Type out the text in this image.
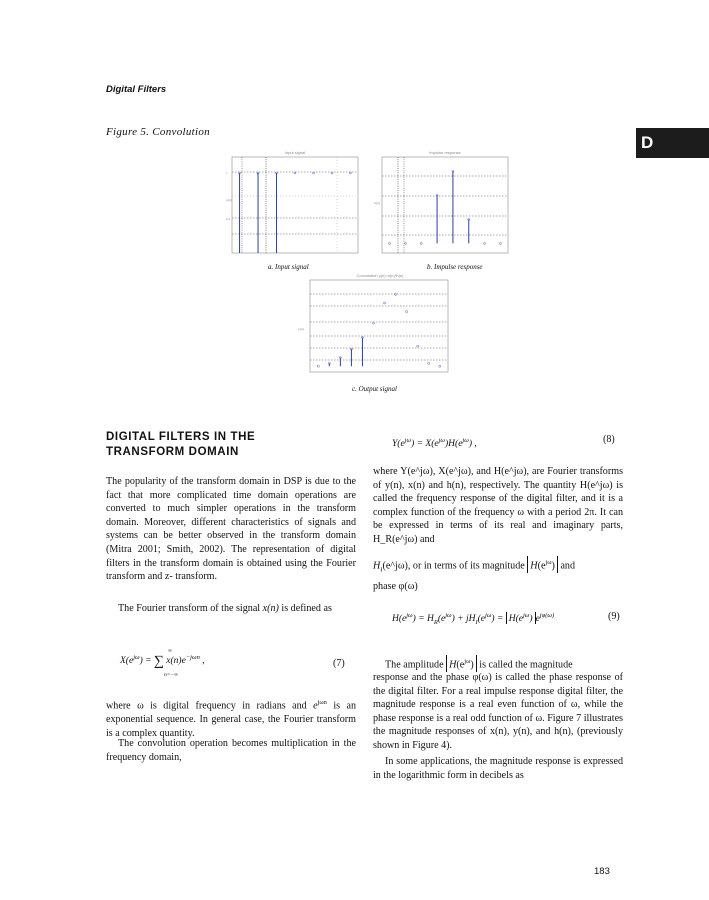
Digital Filters
Figure 5. Convolution
D
Input signal
1
0.4
x(n)
a. Input signal
Impulse response
h(n)
b. Impulse response
Convolution y(n)=x(n)*h(n)
y(n)
c. Output signal
DIGITAL FILTERS IN THE
TRANSFORM DOMAIN

The popularity of the transform domain in DSP is due to the fact that more complicated time domain operations are converted to much simpler operations in the transform domain. Moreover, different characteristics of signals and systems can be better observed in the transform domain (Mitra 2001; Smith, 2002). The representation of digital filters in the transform domain is obtained using the Fourier transform and z- transform.

The Fourier transform of the signal x(n) is defined as

$X(e^{j\omega})$ = ∑ $x(n)e^{-j\omega n}$ ,
∞
n=−∞
(7)

where ω is digital frequency in radians and $e^{j\omega n}$ is an exponential sequence. In general case, the Fourier transform is a complex quantity.

The convolution operation becomes multiplication in the frequency domain,

$Y(e^{j\omega}) = X(e^{j\omega})H(e^{j\omega})$ ,	(8)

where Y(e^jω), X(e^jω), and H(e^jω), are Fourier transforms of y(n), x(n) and h(n), respectively. The quantity H(e^jω) is called the frequency response of the digital filter, and it is a complex function of the frequency ω with a period 2π. It can be expressed in terms of its real and imaginary parts, H_R(e^jω) and

$H_I(e\^{}j\omega)$, or in terms of its magnitude $H(e^{j\omega})$ and

phase φ(ω)

$H(e^{j\omega}) = H_R(e^{j\omega}) + jH_I(e^{j\omega}) = H(e^{j\omega})$ $e^{j\varphi(\omega)}$	(9)
The amplitude $H(e^{j\omega})$ is called the magnitude

response and the phase φ(ω) is called the phase response of the digital filter. For a real impulse response digital filter, the magnitude response is a real even function of ω, while the phase response is a real odd function of ω. Figure 7 illustrates the magnitude responses of x(n), y(n), and h(n), (previously shown in Figure 4).

In some applications, the magnitude response is expressed in the logarithmic form in decibels as

183
